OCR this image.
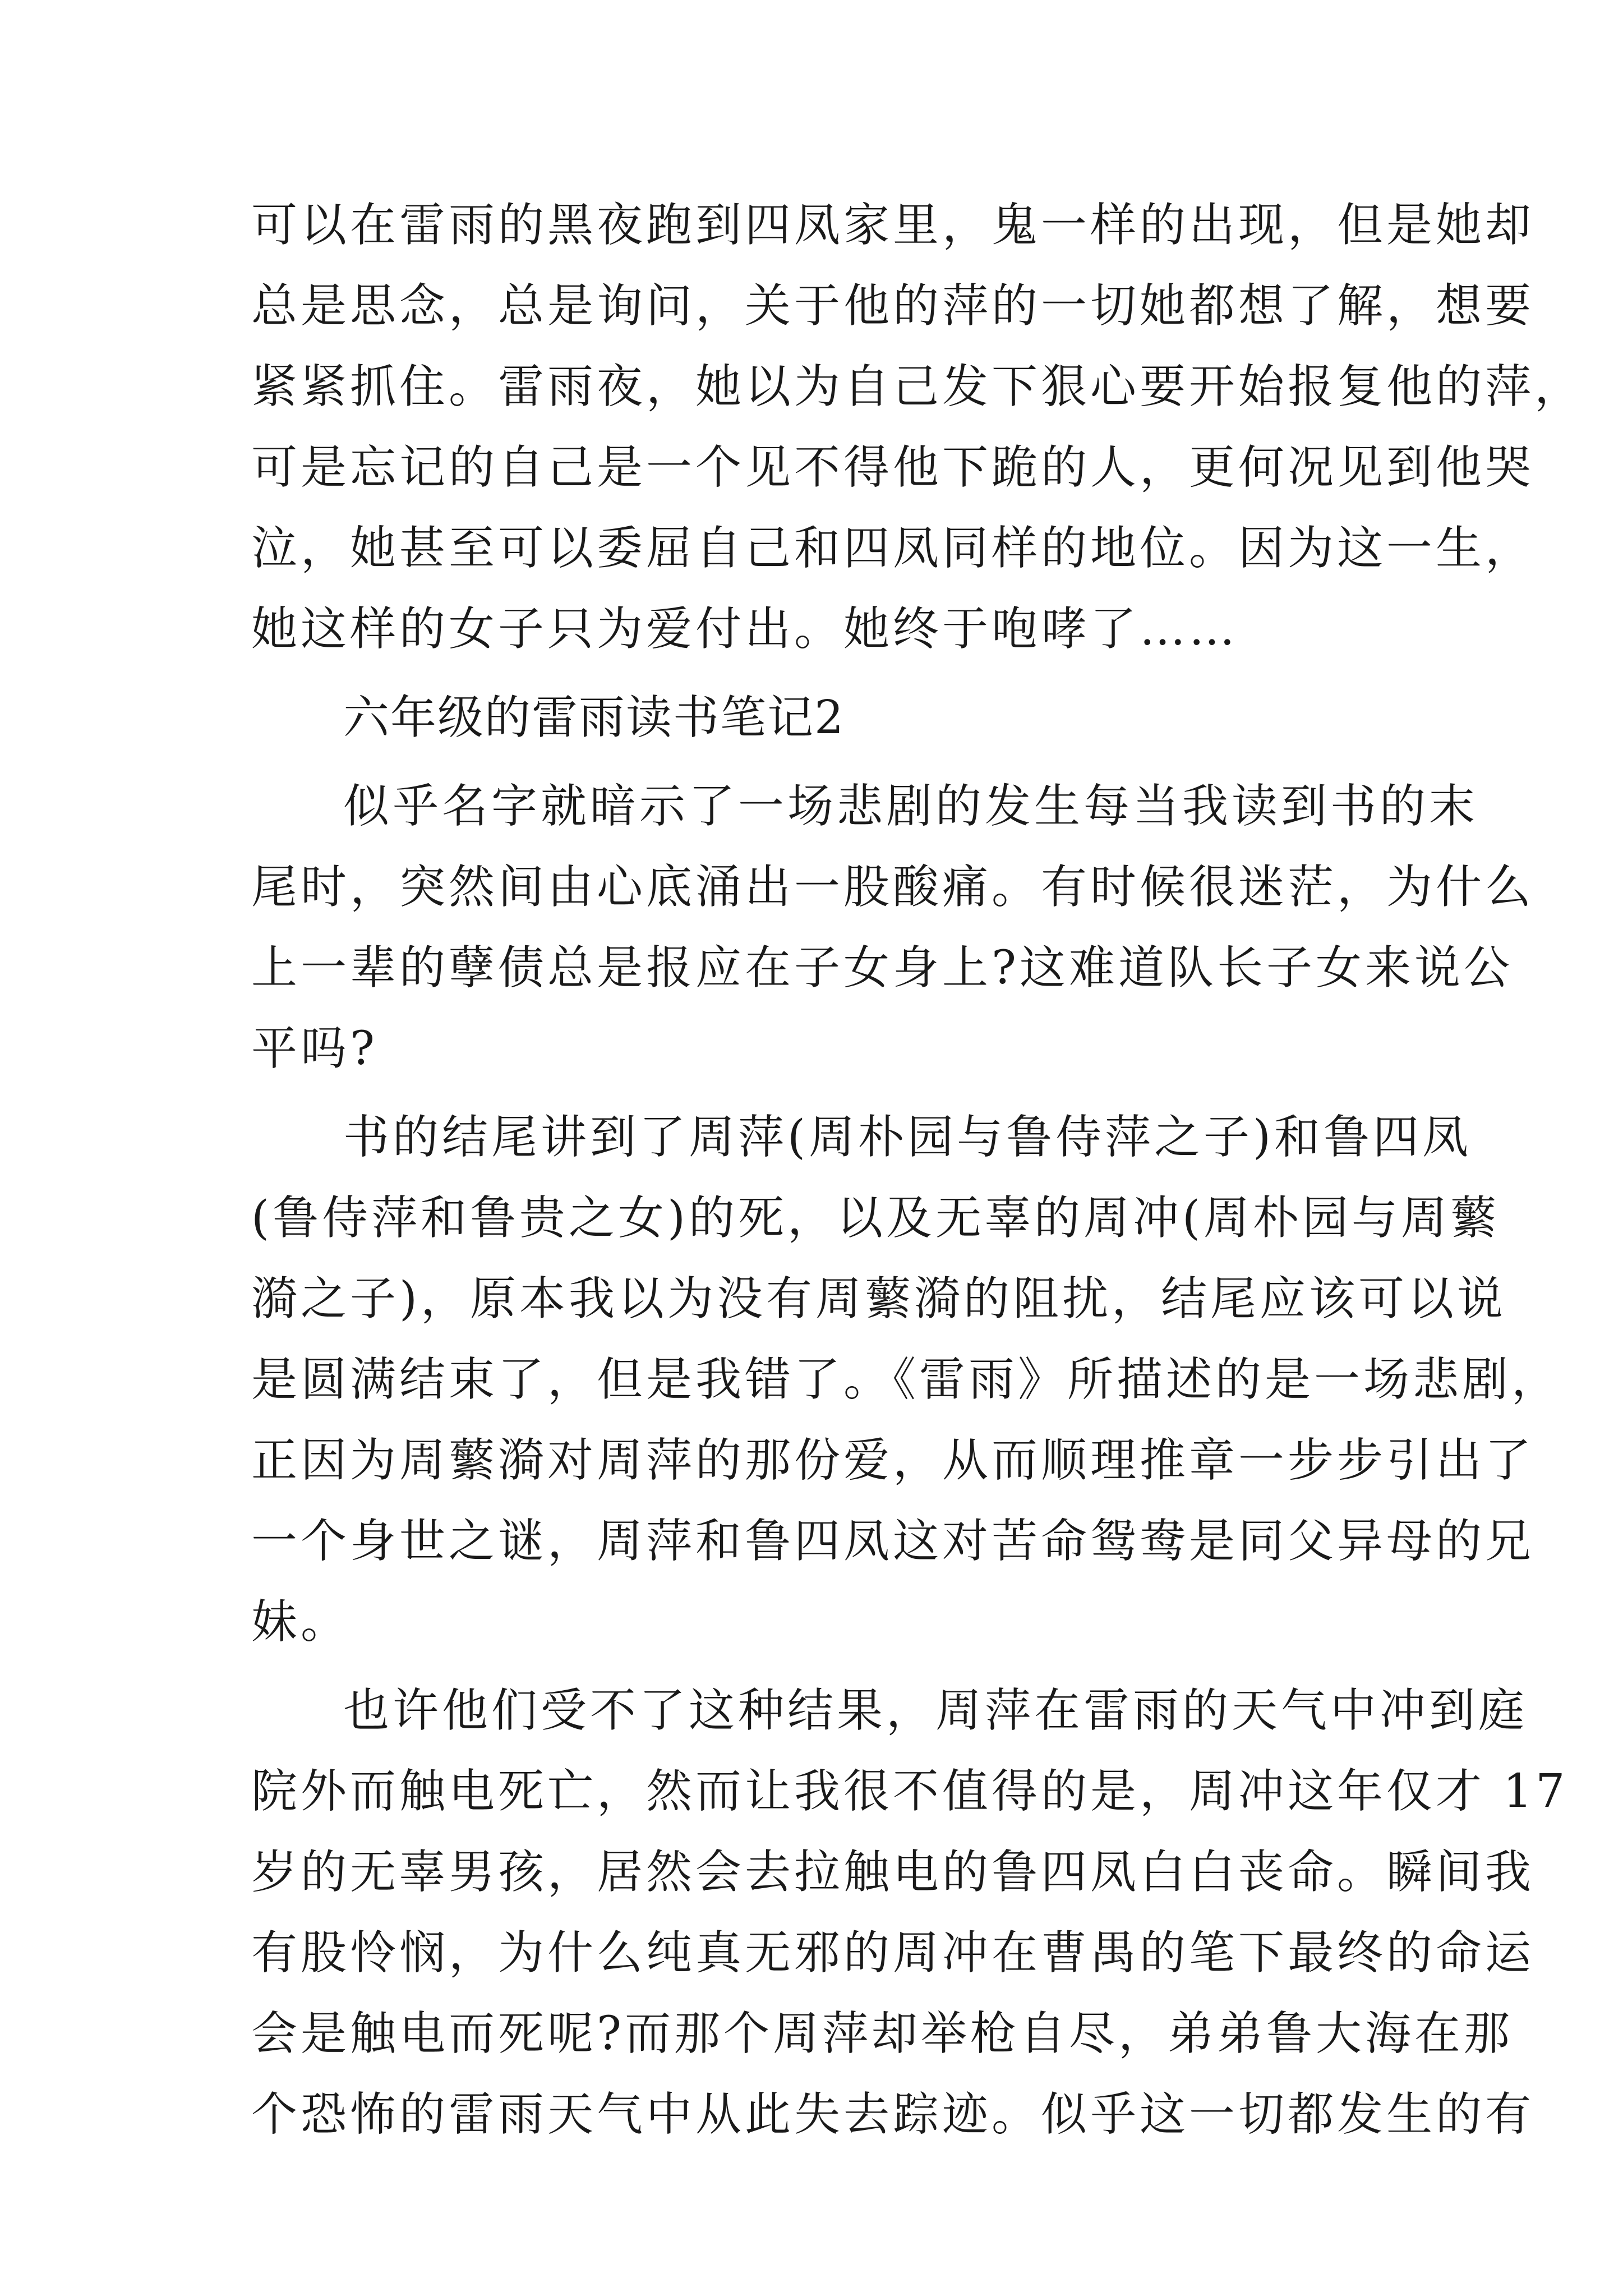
可以在雷雨的黑夜跑到四凤家里，鬼一样的出现，但是她却
总是思念，总是询问，关于他的萍的一切她都想了解，想要
紧紧抓住。雷雨夜，她以为自己发下狠心要开始报复他的萍，
可是忘记的自己是一个见不得他下跪的人，更何况见到他哭
泣，她甚至可以委屈自己和四凤同样的地位。因为这一生，
她这样的女子只为爱付出。她终于咆哮了……
六年级的雷雨读书笔记2
似乎名字就暗示了一场悲剧的发生每当我读到书的末
尾时，突然间由心底涌出一股酸痛。有时候很迷茫，为什么
上一辈的孽债总是报应在子女身上?这难道队长子女来说公
平吗?
书的结尾讲到了周萍(周朴园与鲁侍萍之子)和鲁四凤
(鲁侍萍和鲁贵之女)的死，以及无辜的周冲(周朴园与周蘩
漪之子)，原本我以为没有周蘩漪的阻扰，结尾应该可以说
是圆满结束了，但是我错了。《雷雨》所描述的是一场悲剧，
正因为周蘩漪对周萍的那份爱，从而顺理推章一步步引出了
一个身世之谜，周萍和鲁四凤这对苦命鸳鸯是同父异母的兄
妹。
也许他们受不了这种结果，周萍在雷雨的天气中冲到庭
院外而触电死亡，然而让我很不值得的是，周冲这年仅才 17
岁的无辜男孩，居然会去拉触电的鲁四凤白白丧命。瞬间我
有股怜悯，为什么纯真无邪的周冲在曹禺的笔下最终的命运
会是触电而死呢?而那个周萍却举枪自尽，弟弟鲁大海在那
个恐怖的雷雨天气中从此失去踪迹。似乎这一切都发生的有
